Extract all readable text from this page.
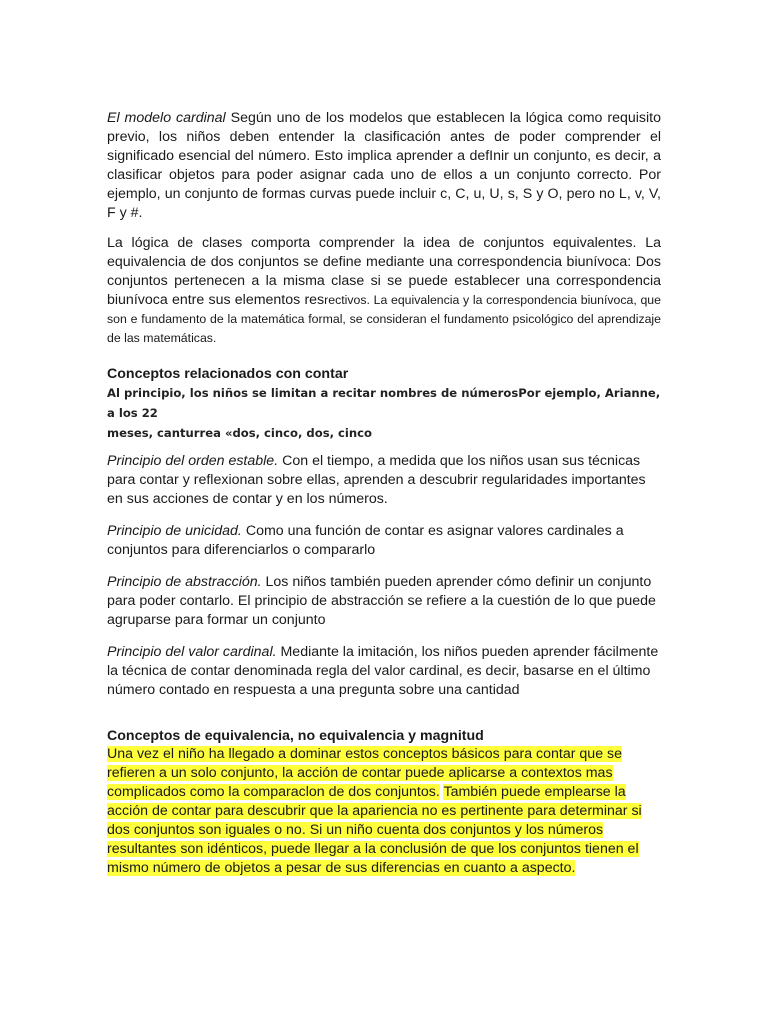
El modelo cardinal Según uno de los modelos que establecen la lógica como requisito previo, los niños deben entender la clasificación antes de poder comprender el significado esencial del número. Esto implica aprender a defInir un conjunto, es decir, a clasificar objetos para poder asignar cada uno de ellos a un conjunto correcto. Por ejemplo, un conjunto de formas curvas puede incluir c, C, u, U, s, S y O, pero no L, v, V, F y #.

La lógica de clases comporta comprender la idea de conjuntos equivalentes. La equivalencia de dos conjuntos se define mediante una correspondencia biunívoca: Dos conjuntos pertenecen a la misma clase si se puede establecer una correspondencia biunívoca entre sus elementos resrectivos. La equivalencia y la correspondencia biunívoca, que son e fundamento de la matemática formal, se consideran el fundamento psicológico del aprendizaje de las matemáticas.

Conceptos relacionados con contar
Al principio, los niños se limitan a recitar nombres de númerosPor ejemplo, Arianne, a los 22
meses, canturrea «dos, cinco, dos, cinco

Principio del orden estable. Con el tiempo, a medida que los niños usan sus técnicas para contar y reflexionan sobre ellas, aprenden a descubrir regularidades importantes en sus acciones de contar y en los números.

Principio de unicidad. Como una función de contar es asignar valores cardinales a conjuntos para diferenciarlos o compararlo

Principio de abstracción. Los niños también pueden aprender cómo definir un conjunto para poder contarlo. El principio de abstracción se refiere a la cuestión de lo que puede agruparse para formar un conjunto

Principio del valor cardinal. Mediante la imitación, los niños pueden aprender fácilmente la técnica de contar denominada regla del valor cardinal, es decir, basarse en el último número contado en respuesta a una pregunta sobre una cantidad

Conceptos de equivalencia, no equivalencia y magnitud

Una vez el niño ha llegado a dominar estos conceptos básicos para contar que se refieren a un solo conjunto, la acción de contar puede aplicarse a contextos mas complicados como la comparaclon de dos conjuntos. También puede emplearse la acción de contar para descubrir que la apariencia no es pertinente para determinar si dos conjuntos son iguales o no. Si un niño cuenta dos conjuntos y los números resultantes son idénticos, puede llegar a la conclusión de que los conjuntos tienen el mismo número de objetos a pesar de sus diferencias en cuanto a aspecto.
